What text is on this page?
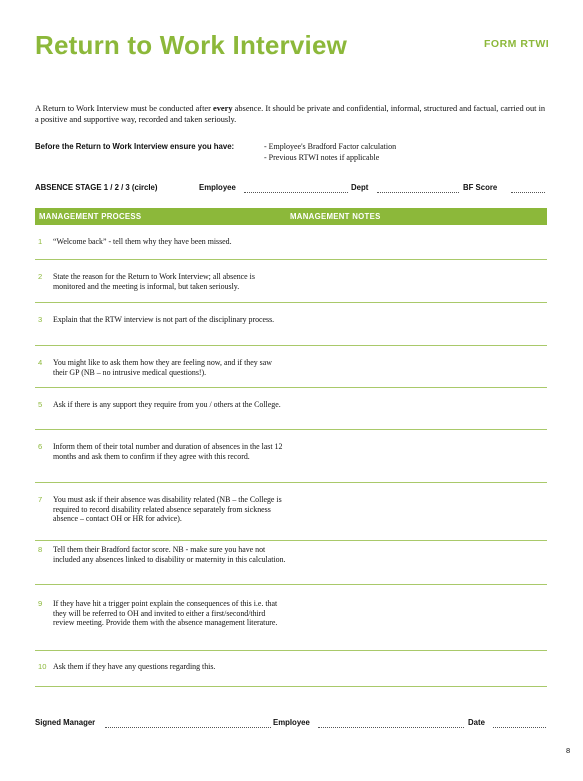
Return to Work Interview	FORM RTWI
A Return to Work Interview must be conducted after every absence. It should be private and confidential, informal, structured and factual, carried out in a positive and supportive way, recorded and taken seriously.
Before the Return to Work Interview ensure you have:	- Employee's Bradford Factor calculation
- Previous RTWI notes if applicable
ABSENCE STAGE 1 / 2 / 3 (circle)	Employee	Dept	BF Score
MANAGEMENT PROCESS	MANAGEMENT NOTES
1 “Welcome back” - tell them why they have been missed.
2 State the reason for the Return to Work Interview; all absence is monitored and the meeting is informal, but taken seriously.
3 Explain that the RTW interview is not part of the disciplinary process.
4 You might like to ask them how they are feeling now, and if they saw their GP (NB – no intrusive medical questions!).
5 Ask if there is any support they require from you / others at the College.
6 Inform them of their total number and duration of absences in the last 12 months and ask them to confirm if they agree with this record.
7 You must ask if their absence was disability related (NB – the College is required to record disability related absence separately from sickness absence – contact OH or HR for advice).
8 Tell them their Bradford factor score. NB - make sure you have not included any absences linked to disability or maternity in this calculation.
9 If they have hit a trigger point explain the consequences of this i.e. that they will be referred to OH and invited to either a first/second/third review meeting. Provide them with the absence management literature.
10 Ask them if they have any questions regarding this.
Signed Manager	Employee	Date
8
